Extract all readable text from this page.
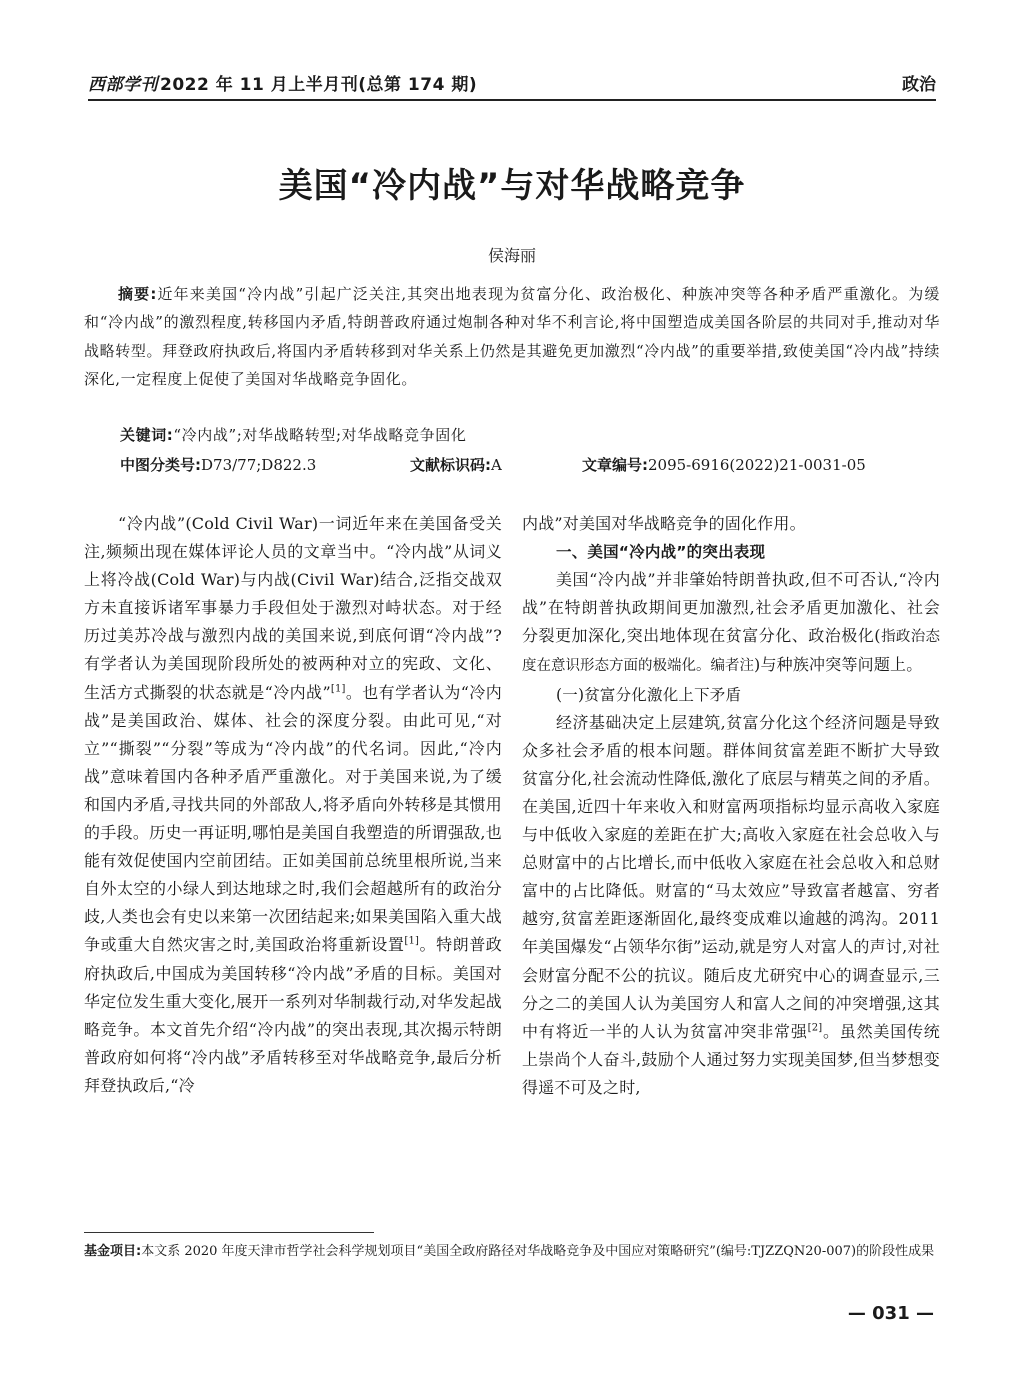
西部学刊 2022 年 11 月上半月刊(总第 174 期)	政治
美国“冷内战”与对华战略竞争
侯海丽
摘要:近年来美国“冷内战”引起广泛关注,其突出地表现为贫富分化、政治极化、种族冲突等各种矛盾严重激化。为缓和“冷内战”的激烈程度,转移国内矛盾,特朗普政府通过炮制各种对华不利言论,将中国塑造成美国各阶层的共同对手,推动对华战略转型。拜登政府执政后,将国内矛盾转移到对华关系上仍然是其避免更加激烈“冷内战”的重要举措,致使美国“冷内战”持续深化,一定程度上促使了美国对华战略竞争固化。
关键词:“冷内战”;对华战略转型;对华战略竞争固化
中图分类号:D73/77;D822.3	文献标识码:A	文章编号:2095-6916(2022)21-0031-05

“冷内战”(Cold Civil War)一词近年来在美国备受关注,频频出现在媒体评论人员的文章当中。“冷内战”从词义上将冷战(Cold War)与内战(Civil War)结合,泛指交战双方未直接诉诸军事暴力手段但处于激烈对峙状态。对于经历过美苏冷战与激烈内战的美国来说,到底何谓“冷内战”?有学者认为美国现阶段所处的被两种对立的宪政、文化、生活方式撕裂的状态就是“冷内战”[1]。也有学者认为“冷内战”是美国政治、媒体、社会的深度分裂。由此可见,“对立”“撕裂”“分裂”等成为“冷内战”的代名词。因此,“冷内战”意味着国内各种矛盾严重激化。对于美国来说,为了缓和国内矛盾,寻找共同的外部敌人,将矛盾向外转移是其惯用的手段。历史一再证明,哪怕是美国自我塑造的所谓强敌,也能有效促使国内空前团结。正如美国前总统里根所说,当来自外太空的小绿人到达地球之时,我们会超越所有的政治分歧,人类也会有史以来第一次团结起来;如果美国陷入重大战争或重大自然灾害之时,美国政治将重新设置[1]。特朗普政府执政后,中国成为美国转移“冷内战”矛盾的目标。美国对华定位发生重大变化,展开一系列对华制裁行动,对华发起战略竞争。本文首先介绍“冷内战”的突出表现,其次揭示特朗普政府如何将“冷内战”矛盾转移至对华战略竞争,最后分析拜登执政后,“冷

内战”对美国对华战略竞争的固化作用。

一、美国“冷内战”的突出表现

美国“冷内战”并非肇始特朗普执政,但不可否认,“冷内战”在特朗普执政期间更加激烈,社会矛盾更加激化、社会分裂更加深化,突出地体现在贫富分化、政治极化(指政治态度在意识形态方面的极端化。编者注)与种族冲突等问题上。

(一)贫富分化激化上下矛盾

经济基础决定上层建筑,贫富分化这个经济问题是导致众多社会矛盾的根本问题。群体间贫富差距不断扩大导致贫富分化,社会流动性降低,激化了底层与精英之间的矛盾。在美国,近四十年来收入和财富两项指标均显示高收入家庭与中低收入家庭的差距在扩大;高收入家庭在社会总收入与总财富中的占比增长,而中低收入家庭在社会总收入和总财富中的占比降低。财富的“马太效应”导致富者越富、穷者越穷,贫富差距逐渐固化,最终变成难以逾越的鸿沟。2011 年美国爆发“占领华尔街”运动,就是穷人对富人的声讨,对社会财富分配不公的抗议。随后皮尤研究中心的调查显示,三分之二的美国人认为美国穷人和富人之间的冲突增强,这其中有将近一半的人认为贫富冲突非常强[2]。虽然美国传统上崇尚个人奋斗,鼓励个人通过努力实现美国梦,但当梦想变得遥不可及之时,

基金项目:本文系 2020 年度天津市哲学社会科学规划项目“美国全政府路径对华战略竞争及中国应对策略研究”(编号:TJZZQN20-007)的阶段性成果
— 031 —
